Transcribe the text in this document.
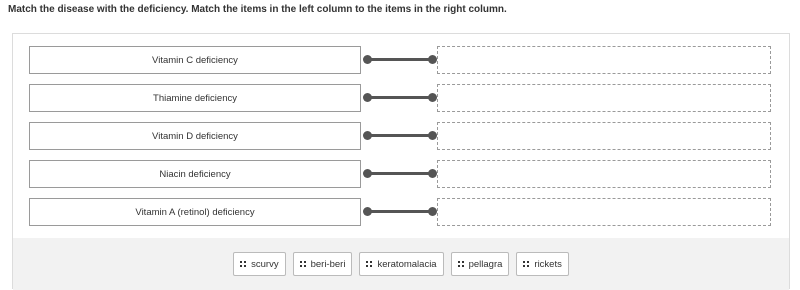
Match the disease with the deficiency. Match the items in the left column to the items in the right column.
Vitamin C deficiency
Thiamine deficiency
Vitamin D deficiency
Niacin deficiency
Vitamin A (retinol) deficiency
scurvy	beri-beri	keratomalacia	pellagra	rickets
